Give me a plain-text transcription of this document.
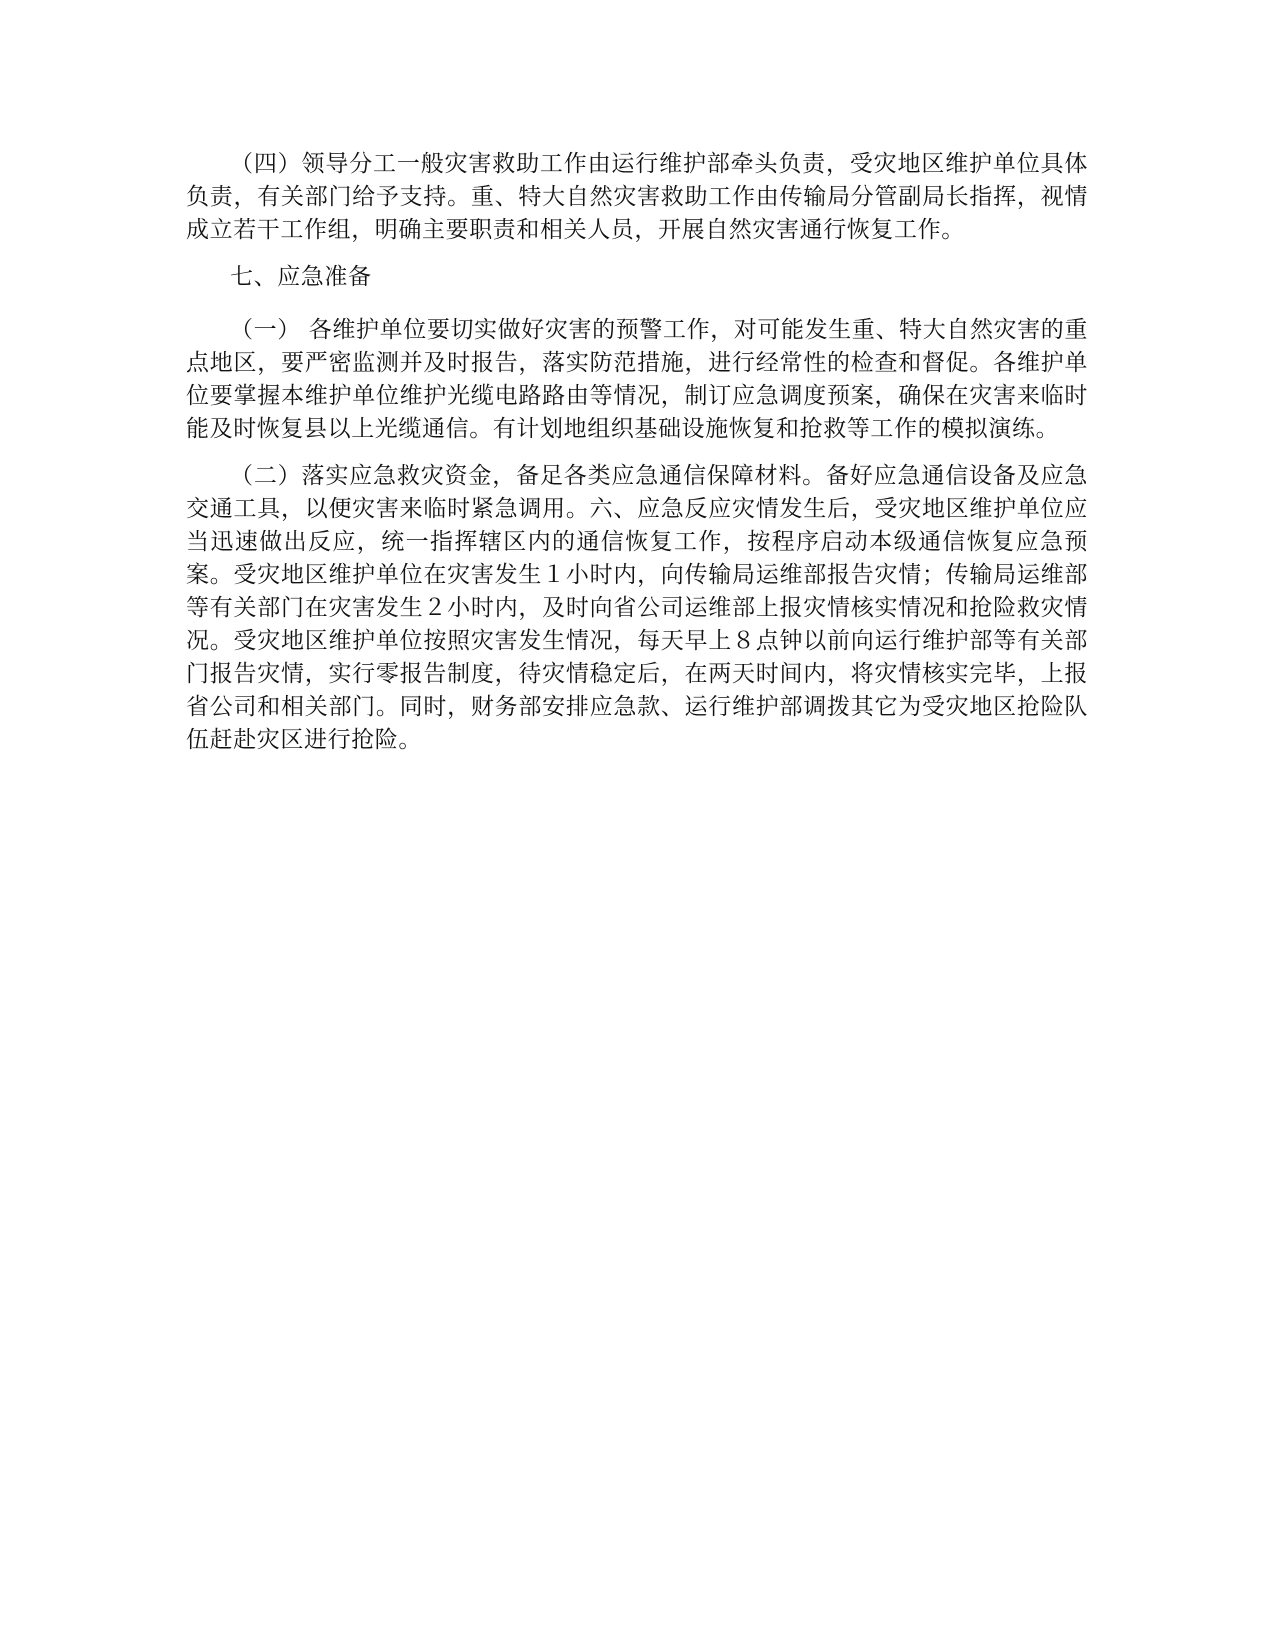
（四）领导分工一般灾害救助工作由运行维护部牵头负责，受灾地区维护单位具体负责，有关部门给予支持。重、特大自然灾害救助工作由传输局分管副局长指挥，视情成立若干工作组，明确主要职责和相关人员，开展自然灾害通行恢复工作。

七、应急准备

（一） 各维护单位要切实做好灾害的预警工作，对可能发生重、特大自然灾害的重点地区，要严密监测并及时报告，落实防范措施，进行经常性的检查和督促。各维护单位要掌握本维护单位维护光缆电路路由等情况，制订应急调度预案，确保在灾害来临时能及时恢复县以上光缆通信。有计划地组织基础设施恢复和抢救等工作的模拟演练。

（二）落实应急救灾资金，备足各类应急通信保障材料。备好应急通信设备及应急 交通工具，以便灾害来临时紧急调用。六、应急反应灾情发生后，受灾地区维护单位应当迅速做出反应，统一指挥辖区内的通信恢复工作，按程序启动本级通信恢复应急预案。受灾地区维护单位在灾害发生１小时内，向传输局运维部报告灾情；传输局运维部等有关部门在灾害发生２小时内，及时向省公司运维部上报灾情核实情况和抢险救灾情况。受灾地区维护单位按照灾害发生情况，每天早上８点钟以前向运行维护部等有关部门报告灾情，实行零报告制度，待灾情稳定后，在两天时间内，将灾情核实完毕，上报省公司和相关部门。同时，财务部安排应急款、运行维护部调拨其它为受灾地区抢险队伍赶赴灾区进行抢险。
